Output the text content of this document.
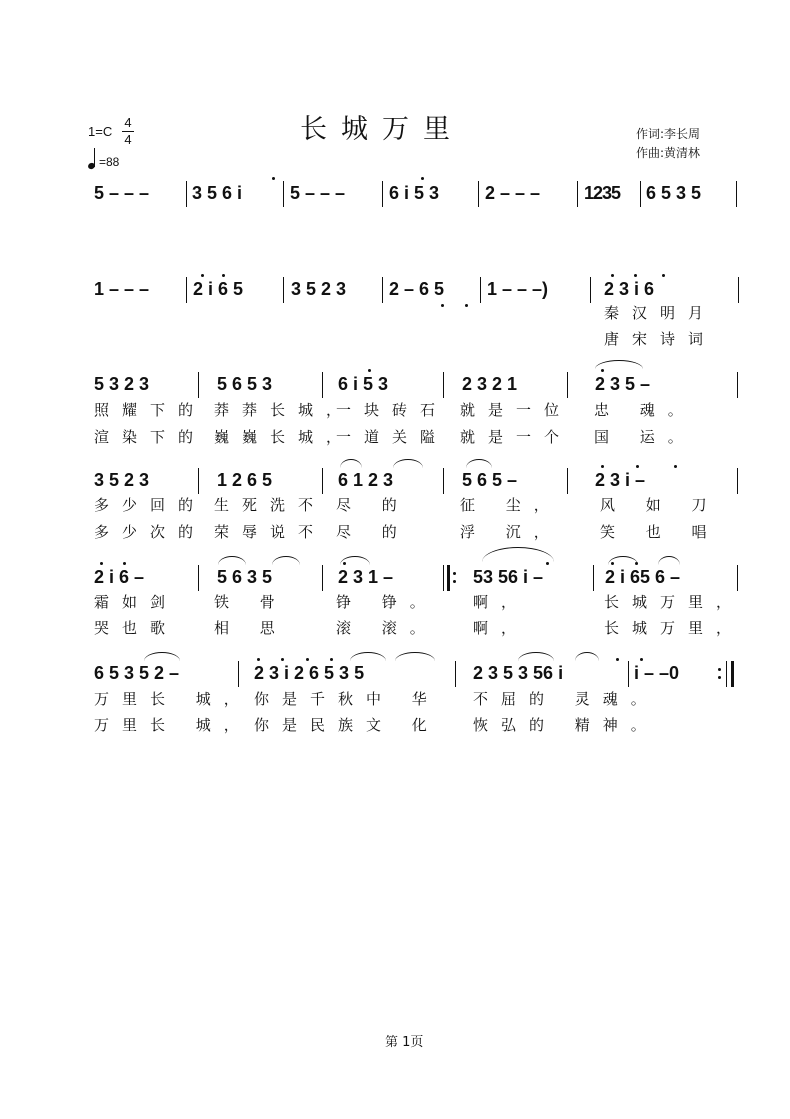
长城万里
1=C
4
4
=88
作词:李长周
作曲:黄清林
5 – – – 3 5 6 i	5 – – – 6 i 5 3	2 – – – 1235 6 5 3 5
1 – – – 2 i 6 5	3 5 2 3 2 – 6 5 1 – – –)	2 3 i 6
秦汉明月
唐宋诗词
5 3 2 3	5 6 5 3	6 i 5 3	2 3 2 1	2 3 5 –
照耀下的 莽莽长城，
一块砖石 就是一位 忠 魂。
渲染下的 巍巍长城，
一道关隘 就是一个 国 运。
3 5 2 3	1 2 6 5	6 1 2 3	5 6 5 –	2 3 i –
多少回的 生死洗不 尽 的	征 尘，	风 如 刀
多少次的 荣辱说不 尽 的	浮 沉，	笑 也 唱
2 i 6 –	5 6 3 5	2 3 1 –	53 56 i –	2 i 65 6 –
霜如剑 铁 骨	铮 铮。 啊，	长城万里，
哭也歌 相 思	滚 滚。 啊，	长城万里，
6 5 3 5 2 –	2 3 i 2 6 5 3 5	2 3 5 3 56 i	i – –0
万里长 城， 你是千秋中 华 不屈的 灵魂。
万里长 城， 你是民族文 化 恢弘的 精神。
第 1页
